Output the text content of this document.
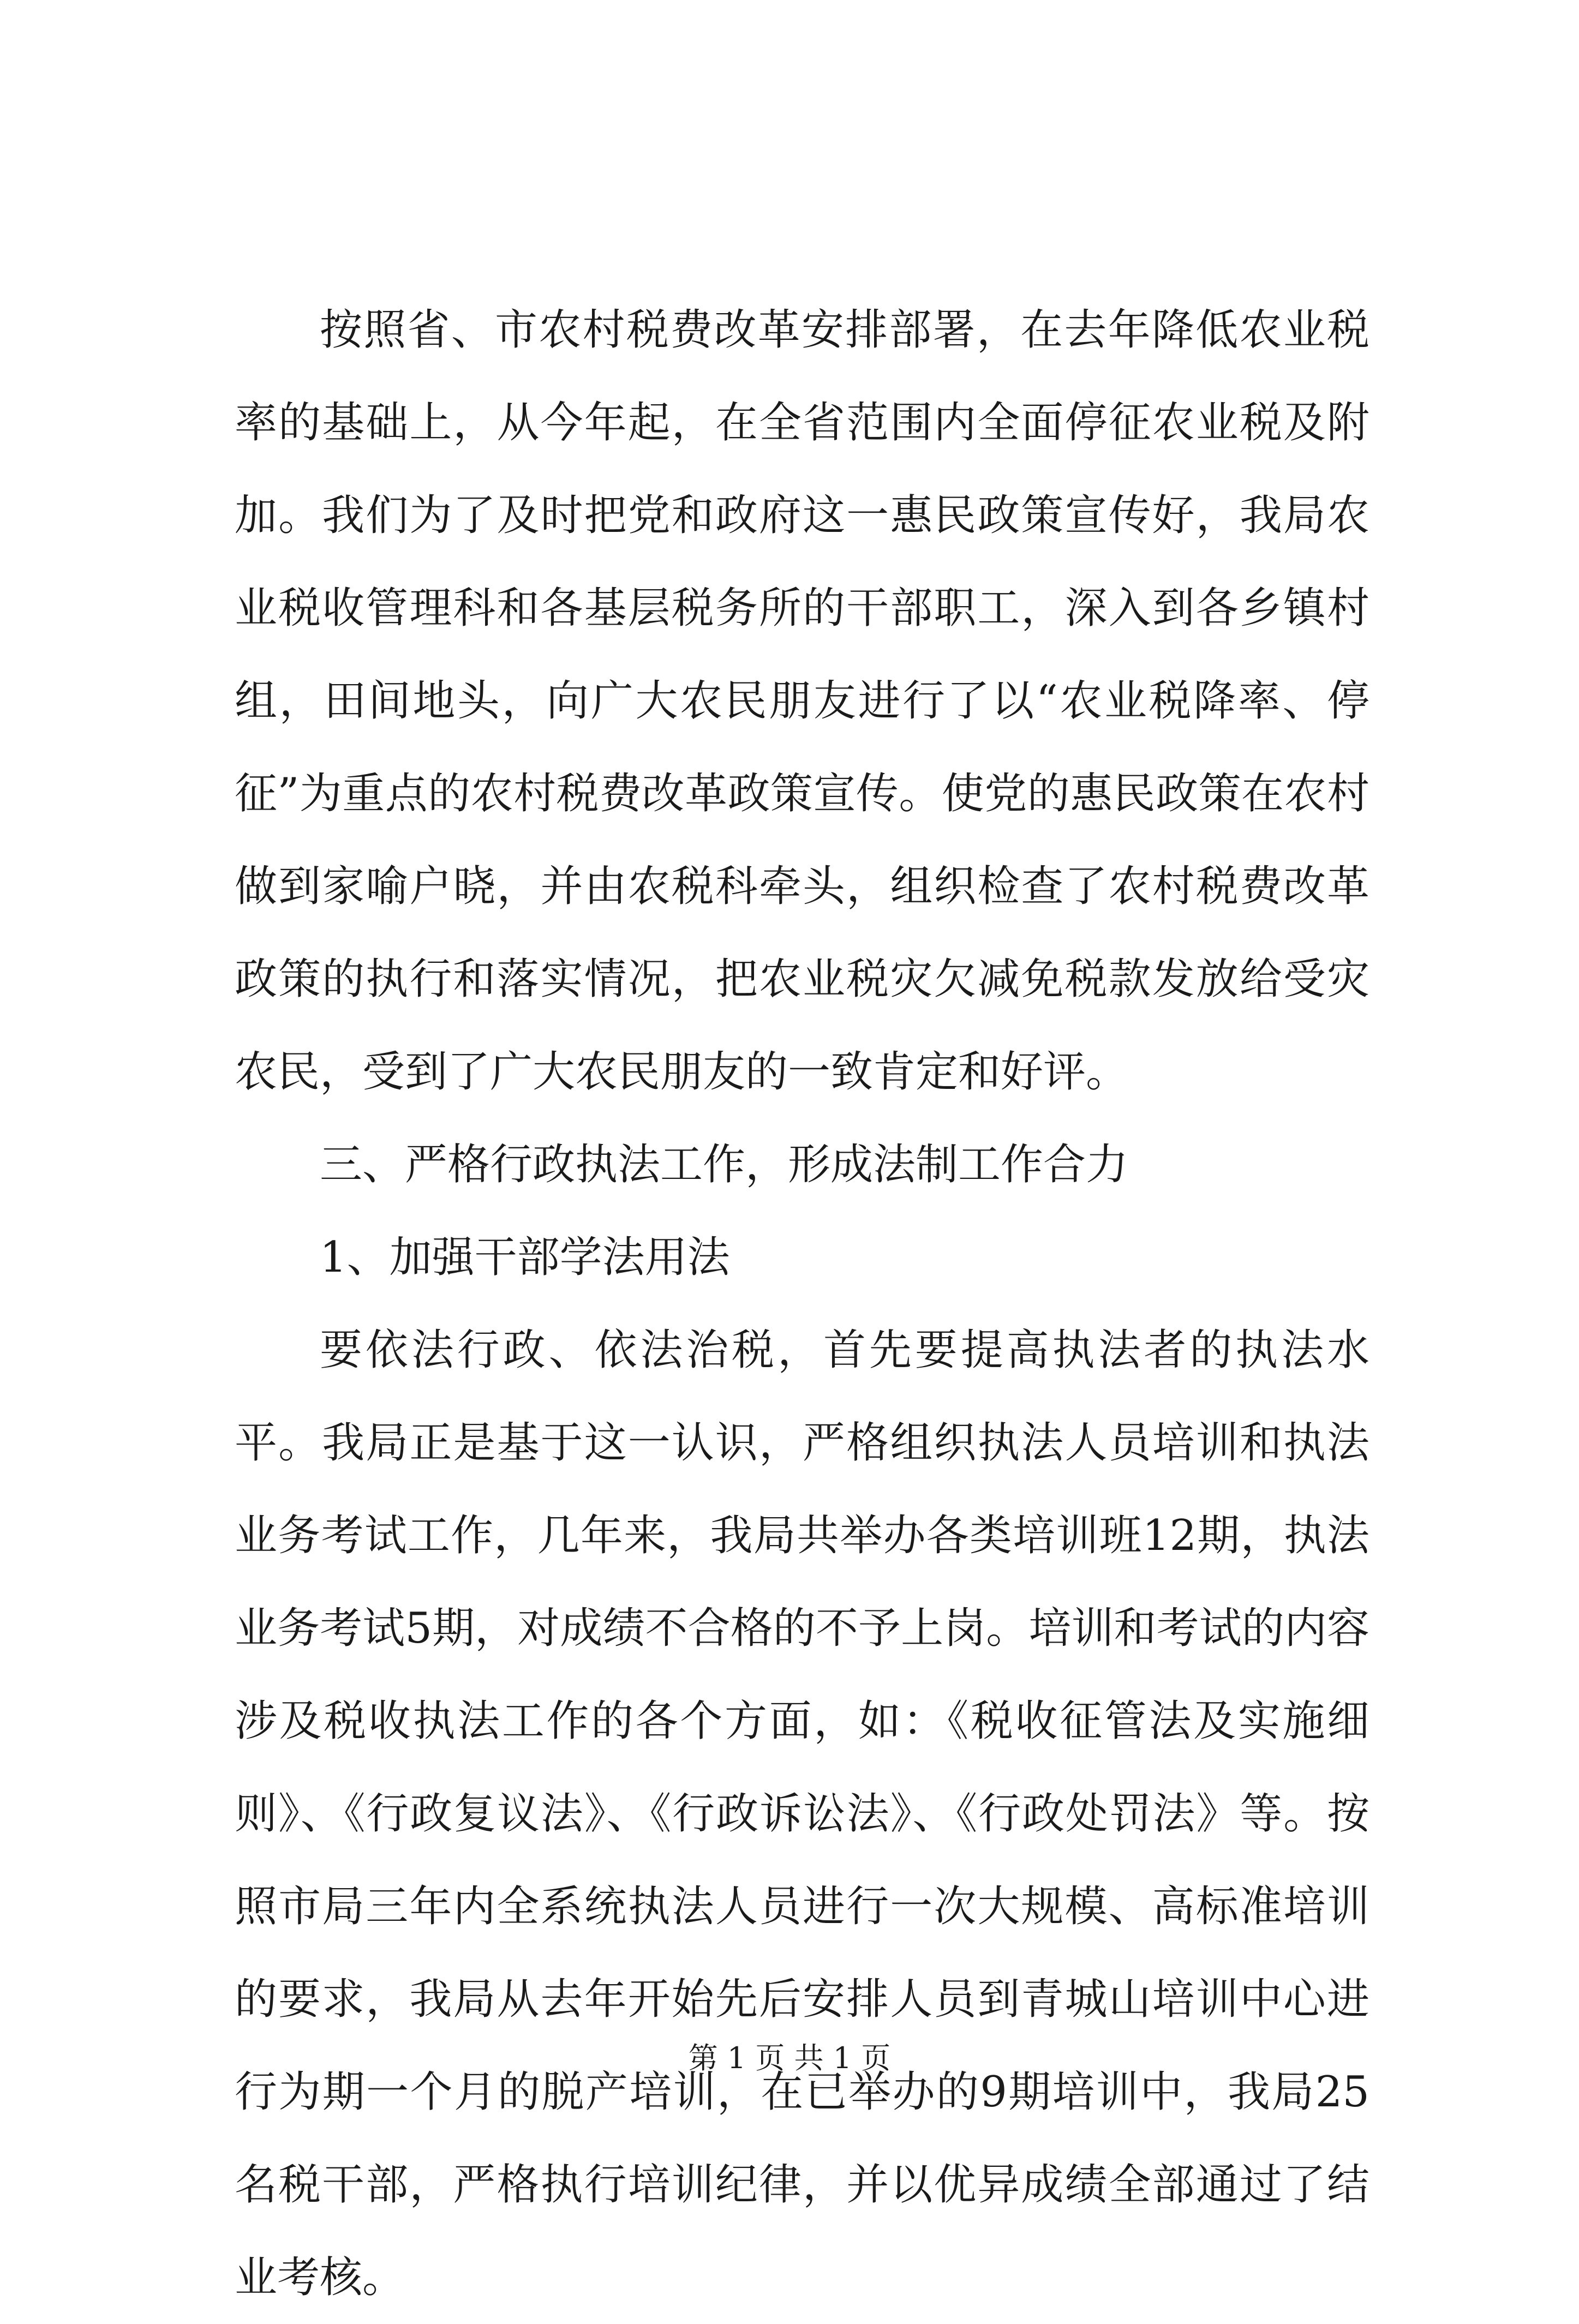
按照省、市农村税费改革安排部署，在去年降低农业税率的基础上，从今年起，在全省范围内全面停征农业税及附加。我们为了及时把党和政府这一惠民政策宣传好，我局农业税收管理科和各基层税务所的干部职工，深入到各乡镇村组，田间地头，向广大农民朋友进行了以“农业税降率、停征”为重点的农村税费改革政策宣传。使党的惠民政策在农村做到家喻户晓，并由农税科牵头，组织检查了农村税费改革政策的执行和落实情况，把农业税灾欠减免税款发放给受灾农民，受到了广大农民朋友的一致肯定和好评。

三、严格行政执法工作，形成法制工作合力

1、加强干部学法用法

要依法行政、依法治税，首先要提高执法者的执法水平。我局正是基于这一认识，严格组织执法人员培训和执法业务考试工作，几年来，我局共举办各类培训班12期，执法业务考试5期，对成绩不合格的不予上岗。培训和考试的内容涉及税收执法工作的各个方面，如：《税收征管法及实施细则》、《行政复议法》、《行政诉讼法》、《行政处罚法》等。按照市局三年内全系统执法人员进行一次大规模、高标准培训的要求，我局从去年开始先后安排人员到青城山培训中心进行为期一个月的脱产培训，在已举办的9期培训中，我局25名税干部，严格执行培训纪律，并以优异成绩全部通过了结业考核。

第 1 页 共 1 页
